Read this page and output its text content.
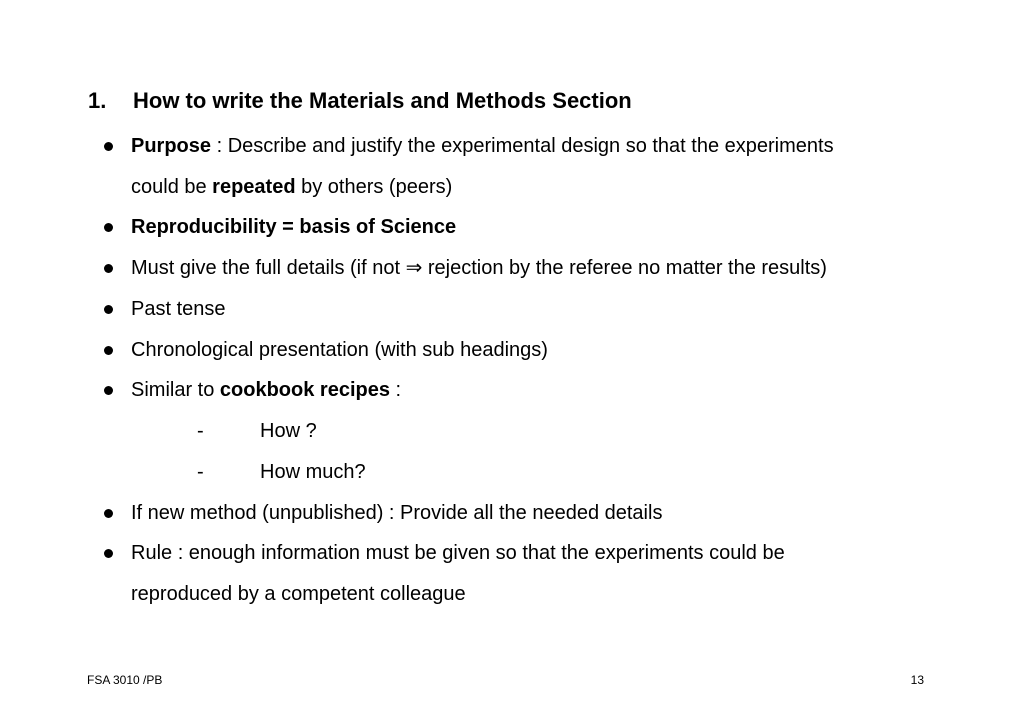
1. How to write the Materials and Methods Section
Purpose : Describe and justify the experimental design so that the experiments
could be repeated by others (peers)
Reproducibility = basis of Science
Must give the full details (if not ⇒ rejection by the referee no matter the results)
Past tense
Chronological presentation (with sub headings)
Similar to cookbook recipes :
-	How ?
-	How much?
If new method (unpublished) : Provide all the needed details
Rule : enough information must be given so that the experiments could be
reproduced by a competent colleague
FSA 3010 /PB	13
